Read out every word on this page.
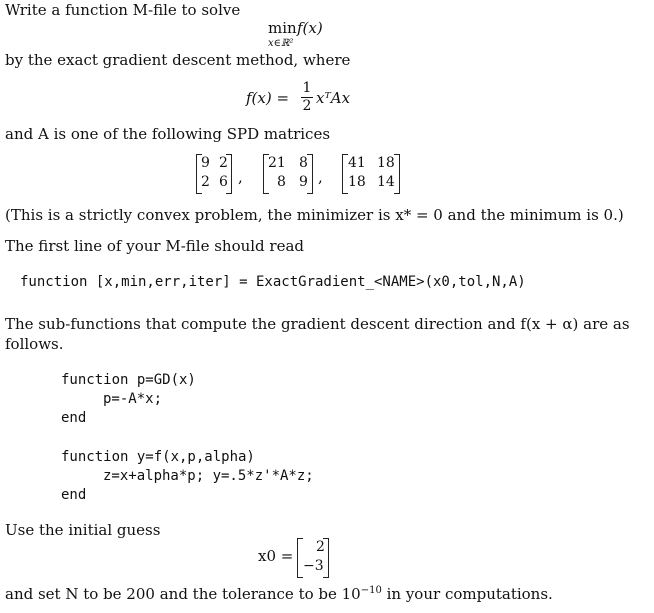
Write a function M-file to solve
min f(x)
x∈ℝ²
by the exact gradient descent method, where
f(x) =
1
2 xᵀAx
and A is one of the following SPD matrices
9 2
2 6 ,
21 8
8 9 ,
41 18
18 14
(This is a strictly convex problem, the minimizer is x* = 0 and the minimum is 0.)
The first line of your M-file should read
function [x,min,err,iter] = ExactGradient_<NAME>(x0,tol,N,A)
The sub-functions that compute the gradient descent direction and f(x + α) are as
follows.
function p=GD(x)
p=-A*x;
end
function y=f(x,p,alpha)
z=x+alpha*p; y=.5*z'*A*z;
end
Use the initial guess
x0 = 2
−3
and set N to be 200 and the tolerance to be $10^{-10}$ in your computations.
